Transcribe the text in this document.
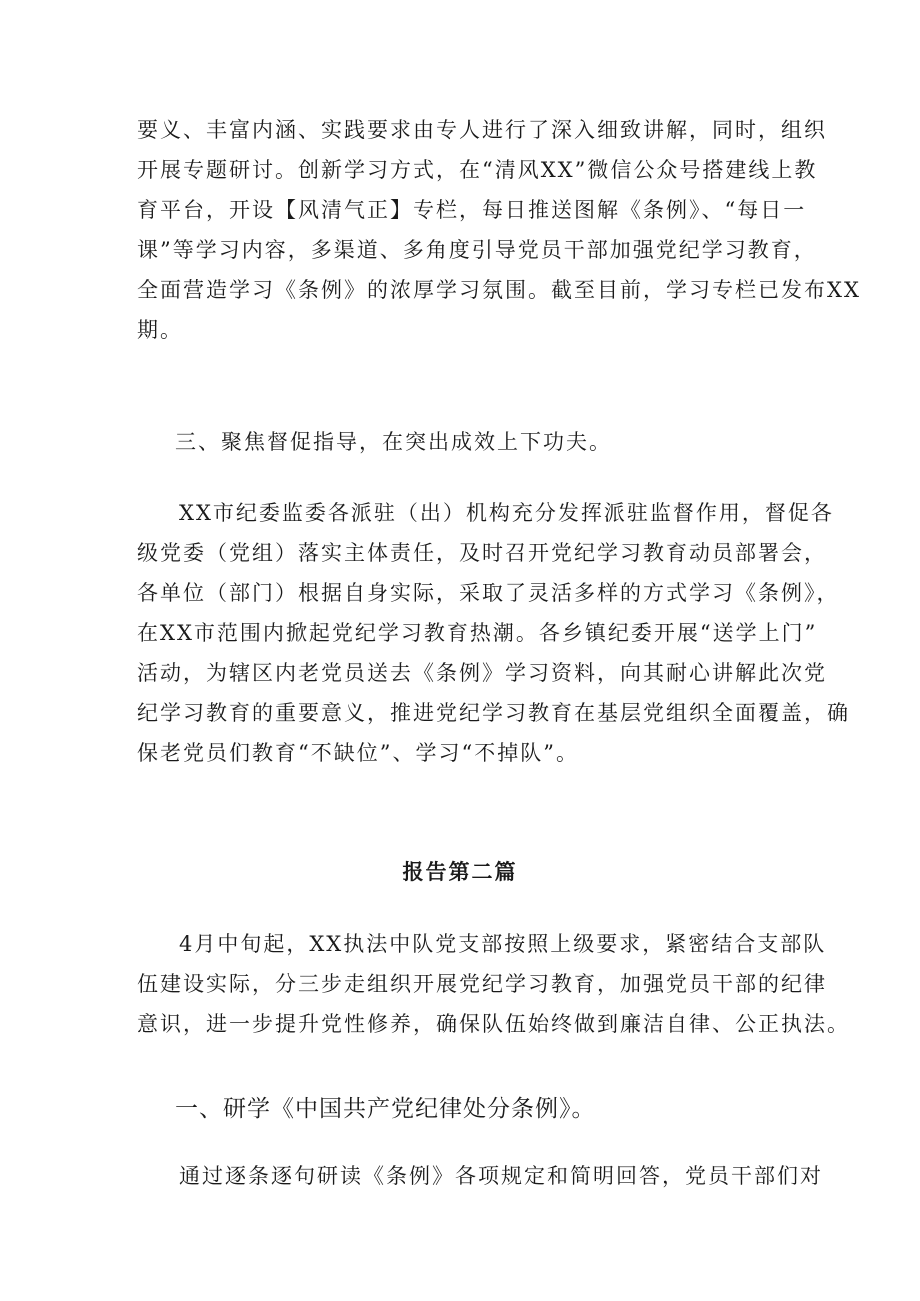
要义、丰富内涵、实践要求由专人进行了深入细致讲解，同时，组织
开展专题研讨。创新学习方式，在“清风XX”微信公众号搭建线上教
育平台，开设【风清气正】专栏，每日推送图解《条例》、“每日一
课”等学习内容，多渠道、多角度引导党员干部加强党纪学习教育，
全面营造学习《条例》的浓厚学习氛围。截至目前，学习专栏已发布XX
期。
三、聚焦督促指导，在突出成效上下功夫。
XX市纪委监委各派驻（出）机构充分发挥派驻监督作用，督促各
级党委（党组）落实主体责任，及时召开党纪学习教育动员部署会，
各单位（部门）根据自身实际，采取了灵活多样的方式学习《条例》，
在XX市范围内掀起党纪学习教育热潮。各乡镇纪委开展“送学上门”
活动，为辖区内老党员送去《条例》学习资料，向其耐心讲解此次党
纪学习教育的重要意义，推进党纪学习教育在基层党组织全面覆盖，确
保老党员们教育“不缺位”、学习“不掉队”。
报告第二篇
4月中旬起，XX执法中队党支部按照上级要求，紧密结合支部队
伍建设实际，分三步走组织开展党纪学习教育，加强党员干部的纪律
意识，进一步提升党性修养，确保队伍始终做到廉洁自律、公正执法。
一、研学《中国共产党纪律处分条例》。
通过逐条逐句研读《条例》各项规定和简明回答，党员干部们对
